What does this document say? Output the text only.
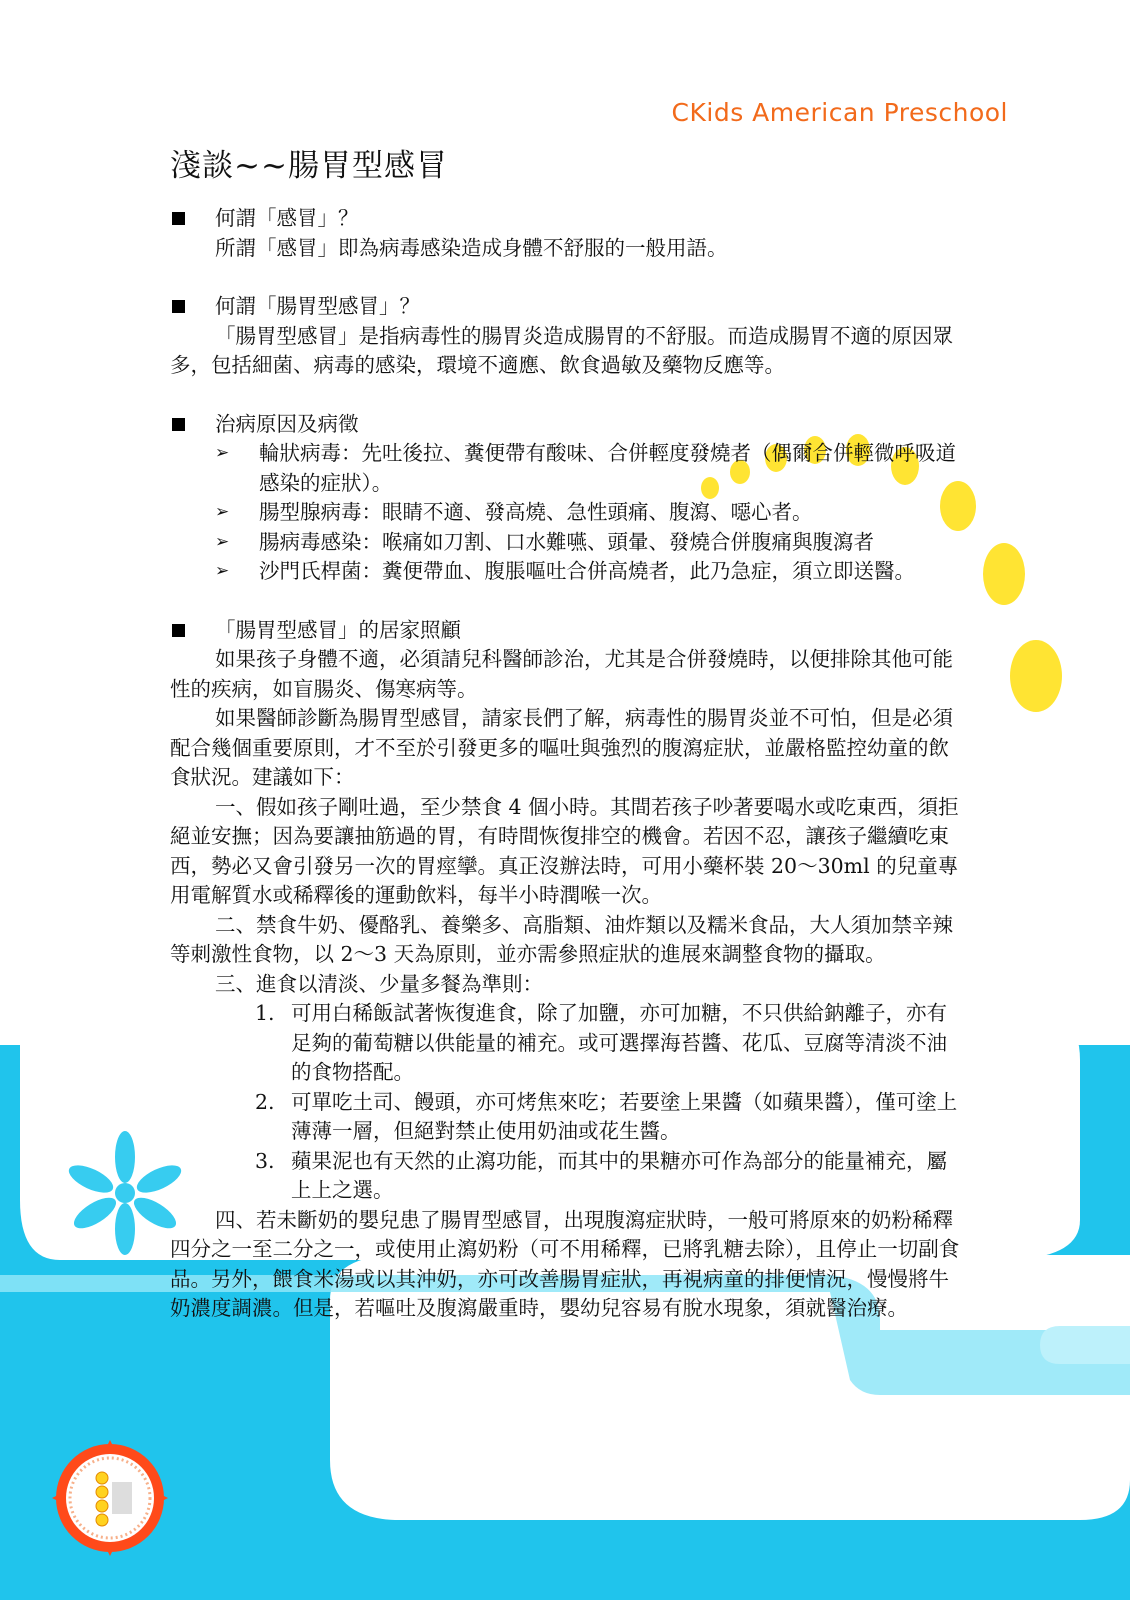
CKids American Preschool
淺談~~腸胃型感冒

何謂「感冒」？

所謂「感冒」即為病毒感染造成身體不舒服的一般用語。

何謂「腸胃型感冒」？

「腸胃型感冒」是指病毒性的腸胃炎造成腸胃的不舒服。而造成腸胃不適的原因眾多，包括細菌、病毒的感染，環境不適應、飲食過敏及藥物反應等。

治病原因及病徵

➢ 輪狀病毒：先吐後拉、糞便帶有酸味、合併輕度發燒者（偶爾合併輕微呼吸道感染的症狀）。
➢ 腸型腺病毒：眼睛不適、發高燒、急性頭痛、腹瀉、噁心者。
➢ 腸病毒感染：喉痛如刀割、口水難嚥、頭暈、發燒合併腹痛與腹瀉者
➢ 沙門氏桿菌：糞便帶血、腹脹嘔吐合併高燒者，此乃急症，須立即送醫。

「腸胃型感冒」的居家照顧

如果孩子身體不適，必須請兒科醫師診治，尤其是合併發燒時，以便排除其他可能性的疾病，如盲腸炎、傷寒病等。

如果醫師診斷為腸胃型感冒，請家長們了解，病毒性的腸胃炎並不可怕，但是必須配合幾個重要原則，才不至於引發更多的嘔吐與強烈的腹瀉症狀，並嚴格監控幼童的飲食狀況。建議如下：

一、假如孩子剛吐過，至少禁食 4 個小時。其間若孩子吵著要喝水或吃東西，須拒絕並安撫；因為要讓抽筋過的胃，有時間恢復排空的機會。若因不忍，讓孩子繼續吃東西，勢必又會引發另一次的胃痙攣。真正沒辦法時，可用小藥杯裝 20～30ml 的兒童專用電解質水或稀釋後的運動飲料，每半小時潤喉一次。

二、禁食牛奶、優酪乳、養樂多、高脂類、油炸類以及糯米食品，大人須加禁辛辣等刺激性食物，以 2～3 天為原則，並亦需參照症狀的進展來調整食物的攝取。

三、進食以清淡、少量多餐為準則：

1. 可用白稀飯試著恢復進食，除了加鹽，亦可加糖，不只供給鈉離子，亦有足夠的葡萄糖以供能量的補充。或可選擇海苔醬、花瓜、豆腐等清淡不油的食物搭配。
2. 可單吃土司、饅頭，亦可烤焦來吃；若要塗上果醬（如蘋果醬），僅可塗上薄薄一層，但絕對禁止使用奶油或花生醬。
3. 蘋果泥也有天然的止瀉功能，而其中的果糖亦可作為部分的能量補充，屬上上之選。

四、若未斷奶的嬰兒患了腸胃型感冒，出現腹瀉症狀時，一般可將原來的奶粉稀釋四分之一至二分之一，或使用止瀉奶粉（可不用稀釋，已將乳糖去除），且停止一切副食品。另外，餵食米湯或以其沖奶，亦可改善腸胃症狀，再視病童的排便情況，慢慢將牛奶濃度調濃。但是，若嘔吐及腹瀉嚴重時，嬰幼兒容易有脫水現象，須就醫治療。
